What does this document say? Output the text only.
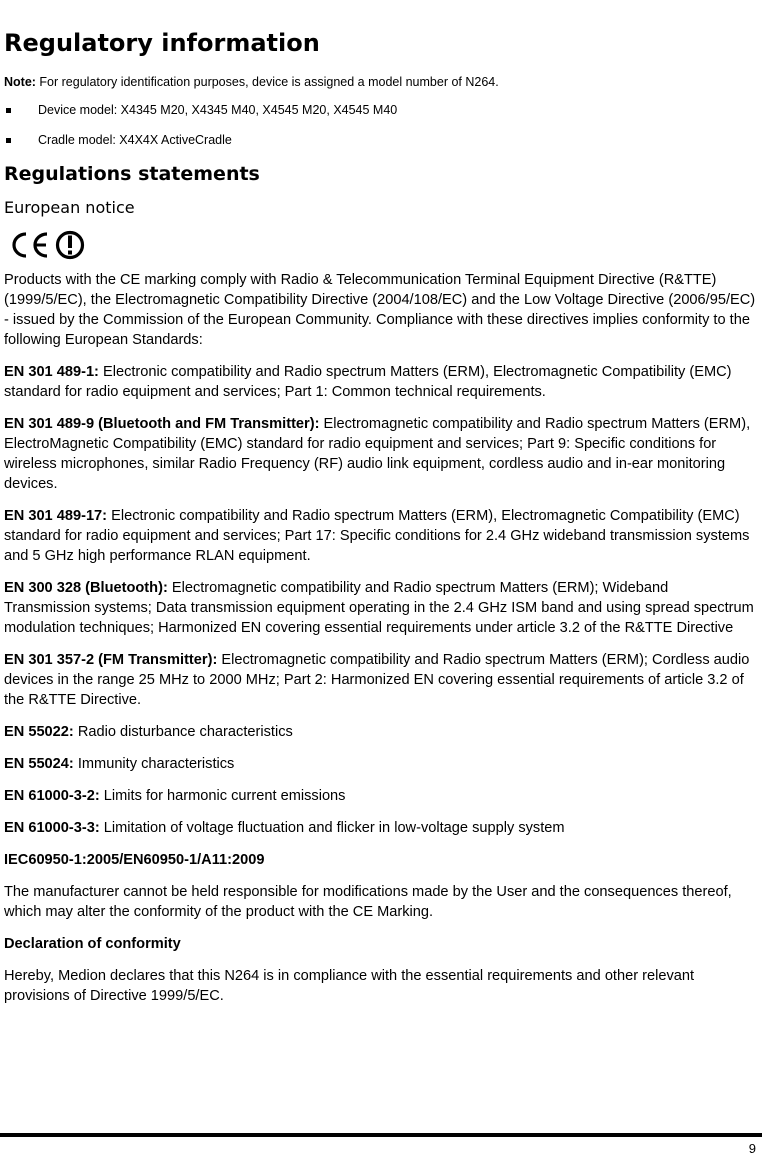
Regulatory information

Note: For regulatory identification purposes, device is assigned a model number of N264.

Device model: X4345 M20, X4345 M40, X4545 M20, X4545 M40
Cradle model: X4X4X ActiveCradle
Regulations statements
European notice

Products with the CE marking comply with Radio & Telecommunication Terminal Equipment Directive (R&TTE) (1999/5/EC), the Electromagnetic Compatibility Directive (2004/108/EC) and the Low Voltage Directive (2006/95/EC) - issued by the Commission of the European Community. Compliance with these directives implies conformity to the following European Standards:

EN 301 489-1: Electronic compatibility and Radio spectrum Matters (ERM), Electromagnetic Compatibility (EMC) standard for radio equipment and services; Part 1: Common technical requirements.

EN 301 489-9 (Bluetooth and FM Transmitter): Electromagnetic compatibility and Radio spectrum Matters (ERM), ElectroMagnetic Compatibility (EMC) standard for radio equipment and services; Part 9: Specific conditions for wireless microphones, similar Radio Frequency (RF) audio link equipment, cordless audio and in-ear monitoring devices.

EN 301 489-17: Electronic compatibility and Radio spectrum Matters (ERM), Electromagnetic Compatibility (EMC) standard for radio equipment and services; Part 17: Specific conditions for 2.4 GHz wideband transmission systems and 5 GHz high performance RLAN equipment.

EN 300 328 (Bluetooth): Electromagnetic compatibility and Radio spectrum Matters (ERM); Wideband Transmission systems; Data transmission equipment operating in the 2.4 GHz ISM band and using spread spectrum modulation techniques; Harmonized EN covering essential requirements under article 3.2 of the R&TTE Directive

EN 301 357-2 (FM Transmitter): Electromagnetic compatibility and Radio spectrum Matters (ERM); Cordless audio devices in the range 25 MHz to 2000 MHz; Part 2: Harmonized EN covering essential requirements of article 3.2 of the R&TTE Directive.

EN 55022: Radio disturbance characteristics

EN 55024: Immunity characteristics

EN 61000-3-2: Limits for harmonic current emissions

EN 61000-3-3: Limitation of voltage fluctuation and flicker in low-voltage supply system

IEC60950-1:2005/EN60950-1/A11:2009

The manufacturer cannot be held responsible for modifications made by the User and the consequences thereof, which may alter the conformity of the product with the CE Marking.

Declaration of conformity

Hereby, Medion declares that this N264 is in compliance with the essential requirements and other relevant provisions of Directive 1999/5/EC.

9
